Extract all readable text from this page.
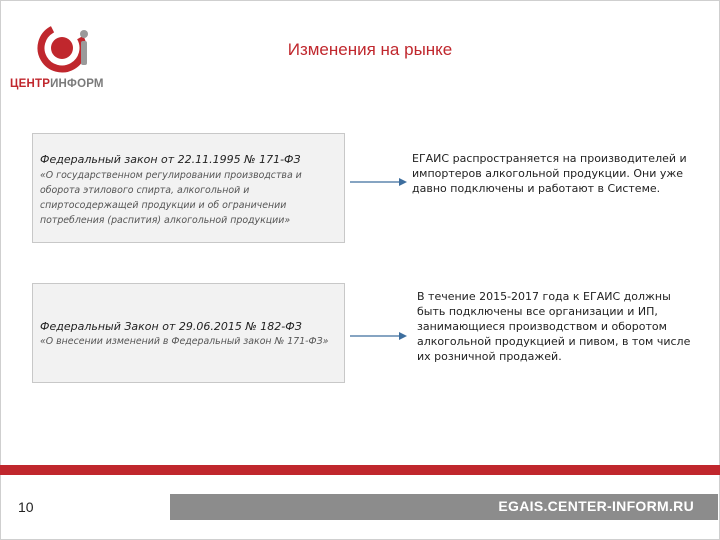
ЦЕНТРИНФОРМ
Изменения на рынке
Федеральный закон от 22.11.1995 № 171-ФЗ
«О государственном регулировании производства и оборота этилового спирта, алкогольной и спиртосодержащей продукции и об ограничении потребления (распития) алкогольной продукции»
ЕГАИС распространяется на производителей и импортеров алкогольной продукции. Они уже давно подключены и работают в Системе.
Федеральный Закон от 29.06.2015 № 182-ФЗ
«О внесении изменений в Федеральный закон № 171-ФЗ»
В течение 2015-2017 года к ЕГАИС должны быть подключены все организации и ИП, занимающиеся производством и оборотом алкогольной продукцией и пивом, в том числе их розничной продажей.
EGAIS.CENTER-INFORM.RU
10
